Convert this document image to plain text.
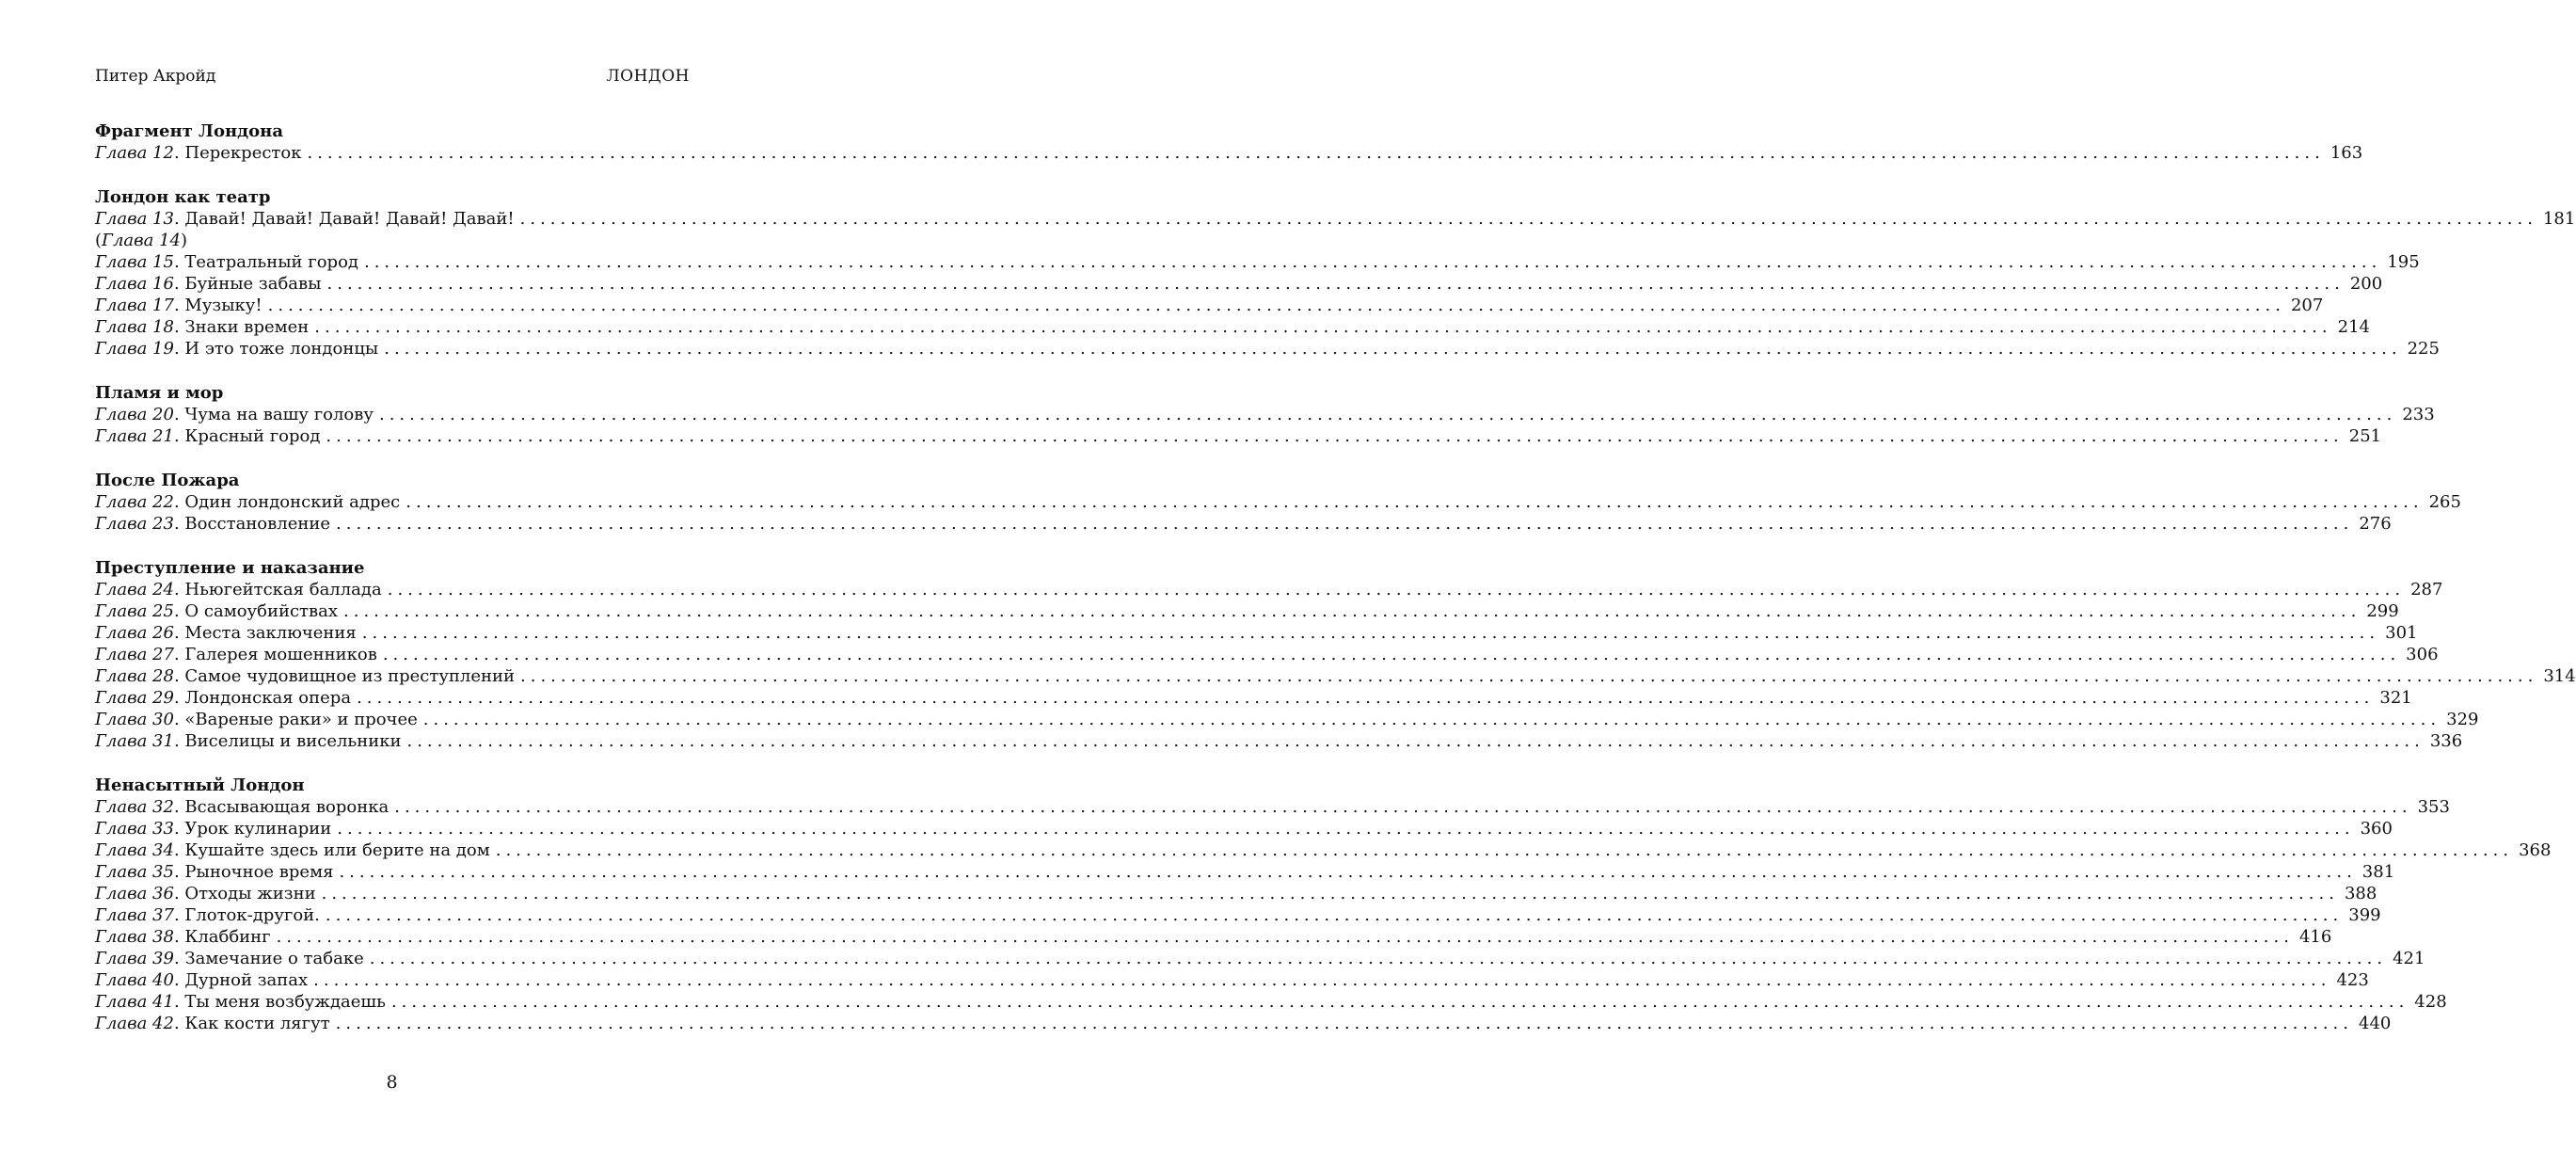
Питер Акройд	ЛОНДОН
Фрагмент Лондона
Глава 12. Перекресток ........................................................................................................................................................................................................ 163
Лондон как театр
Глава 13. Давай! Давай! Давай! Давай! Давай! ........................................................................................................................................................................................................ 181
(Глава 14)
Глава 15. Театральный город ........................................................................................................................................................................................................ 195
Глава 16. Буйные забавы ........................................................................................................................................................................................................ 200
Глава 17. Музыку! ........................................................................................................................................................................................................ 207
Глава 18. Знаки времен ........................................................................................................................................................................................................ 214
Глава 19. И это тоже лондонцы ........................................................................................................................................................................................................ 225
Пламя и мор
Глава 20. Чума на вашу голову ........................................................................................................................................................................................................ 233
Глава 21. Красный город ........................................................................................................................................................................................................ 251
После Пожара
Глава 22. Один лондонский адрес ........................................................................................................................................................................................................ 265
Глава 23. Восстановление ........................................................................................................................................................................................................ 276
Преступление и наказание
Глава 24. Ньюгейтская баллада ........................................................................................................................................................................................................ 287
Глава 25. О самоубийствах ........................................................................................................................................................................................................ 299
Глава 26. Места заключения ........................................................................................................................................................................................................ 301
Глава 27. Галерея мошенников ........................................................................................................................................................................................................ 306
Глава 28. Самое чудовищное из преступлений ........................................................................................................................................................................................................ 314
Глава 29. Лондонская опера ........................................................................................................................................................................................................ 321
Глава 30. «Вареные раки» и прочее ........................................................................................................................................................................................................ 329
Глава 31. Виселицы и висельники ........................................................................................................................................................................................................ 336
Ненасытный Лондон
Глава 32. Всасывающая воронка ........................................................................................................................................................................................................ 353
Глава 33. Урок кулинарии ........................................................................................................................................................................................................ 360
Глава 34. Кушайте здесь или берите на дом ........................................................................................................................................................................................................ 368
Глава 35. Рыночное время ........................................................................................................................................................................................................ 381
Глава 36. Отходы жизни ........................................................................................................................................................................................................ 388
Глава 37. Глоток-другой. ........................................................................................................................................................................................................ 399
Глава 38. Клаббинг ........................................................................................................................................................................................................ 416
Глава 39. Замечание о табаке ........................................................................................................................................................................................................ 421
Глава 40. Дурной запах ........................................................................................................................................................................................................ 423
Глава 41. Ты меня возбуждаешь ........................................................................................................................................................................................................ 428
Глава 42. Как кости лягут ........................................................................................................................................................................................................ 440
8
